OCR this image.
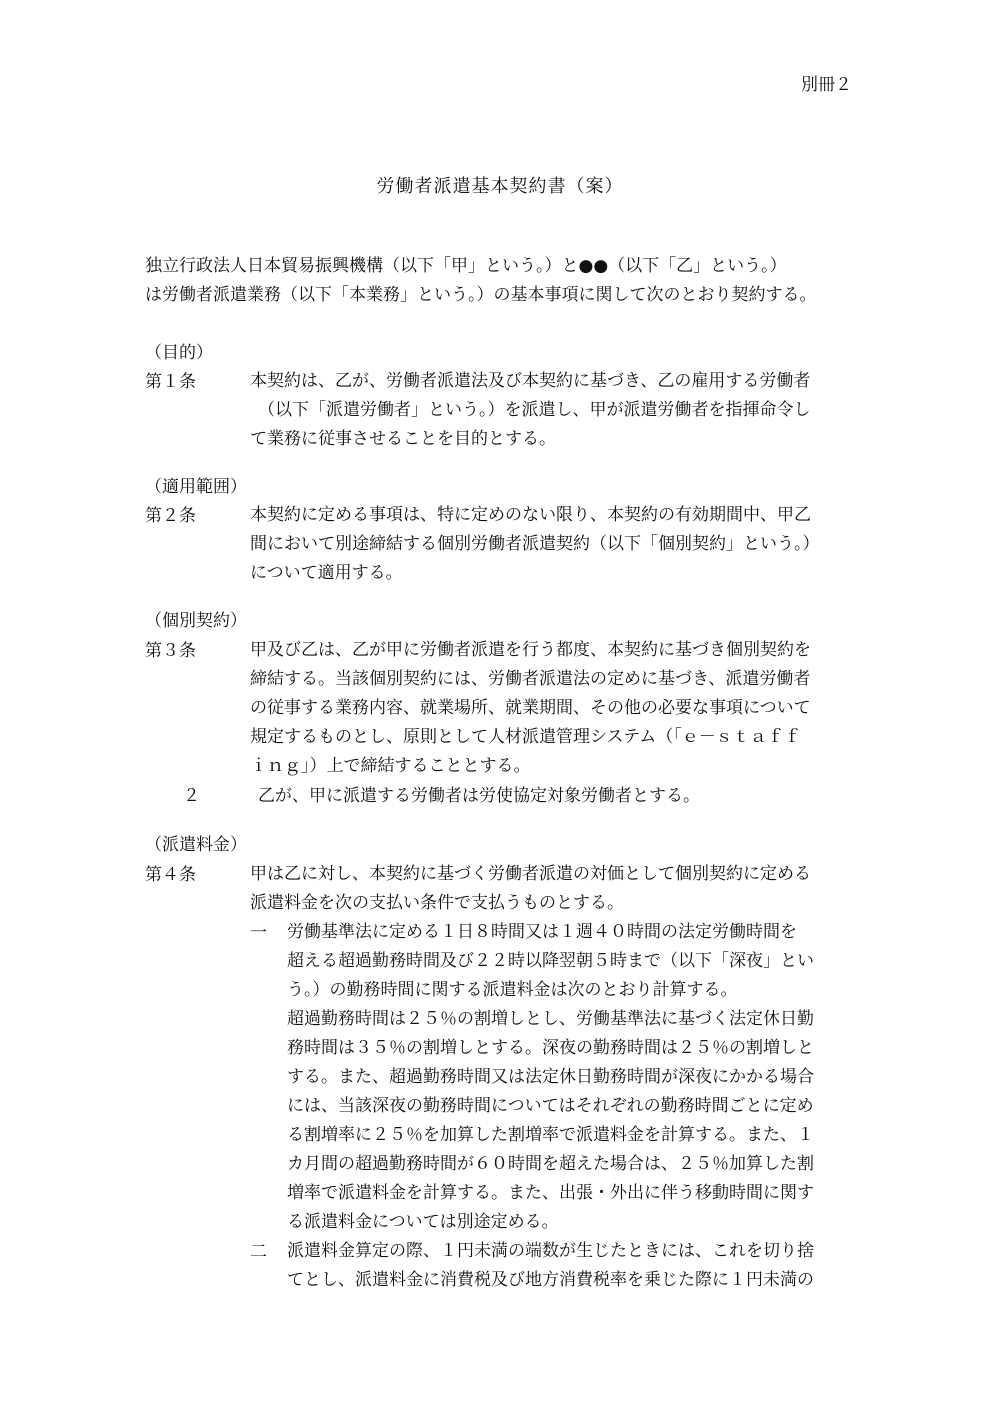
別冊２
労働者派遣基本契約書（案）

独立行政法人日本貿易振興機構（以下「甲」という。）と●●（以下「乙」という。）

は労働者派遣業務（以下「本業務」という。）の基本事項に関して次のとおり契約する。

（目的）
第１条	本契約は、乙が、労働者派遣法及び本契約に基づき、乙の雇用する労働者

（以下「派遣労働者」という。）を派遣し、甲が派遣労働者を指揮命令し

て業務に従事させることを目的とする。

（適用範囲）
第２条	本契約に定める事項は、特に定めのない限り、本契約の有効期間中、甲乙

間において別途締結する個別労働者派遣契約（以下「個別契約」という。）

について適用する。

（個別契約）
第３条	甲及び乙は、乙が甲に労働者派遣を行う都度、本契約に基づき個別契約を

締結する。当該個別契約には、労働者派遣法の定めに基づき、派遣労働者

の従事する業務内容、就業場所、就業期間、その他の必要な事項について

規定するものとし、原則として人材派遣管理システム（「ｅ－ｓｔａｆｆ

ｉｎｇ」）上で締結することとする。

２	乙が、甲に派遣する労働者は労使協定対象労働者とする。
（派遣料金）
第４条	甲は乙に対し、本契約に基づく労働者派遣の対価として個別契約に定める

派遣料金を次の支払い条件で支払うものとする。

一 労働基準法に定める１日８時間又は１週４０時間の法定労働時間を

超える超過勤務時間及び２２時以降翌朝５時まで（以下「深夜」とい

う。）の勤務時間に関する派遣料金は次のとおり計算する。

超過勤務時間は２５％の割増しとし、労働基準法に基づく法定休日勤

務時間は３５％の割増しとする。深夜の勤務時間は２５％の割増しと

する。また、超過勤務時間又は法定休日勤務時間が深夜にかかる場合

には、当該深夜の勤務時間についてはそれぞれの勤務時間ごとに定め

る割増率に２５％を加算した割増率で派遣料金を計算する。また、１

カ月間の超過勤務時間が６０時間を超えた場合は、２５％加算した割

増率で派遣料金を計算する。また、出張・外出に伴う移動時間に関す

る派遣料金については別途定める。

二 派遣料金算定の際、１円未満の端数が生じたときには、これを切り捨

てとし、派遣料金に消費税及び地方消費税率を乗じた際に１円未満の
